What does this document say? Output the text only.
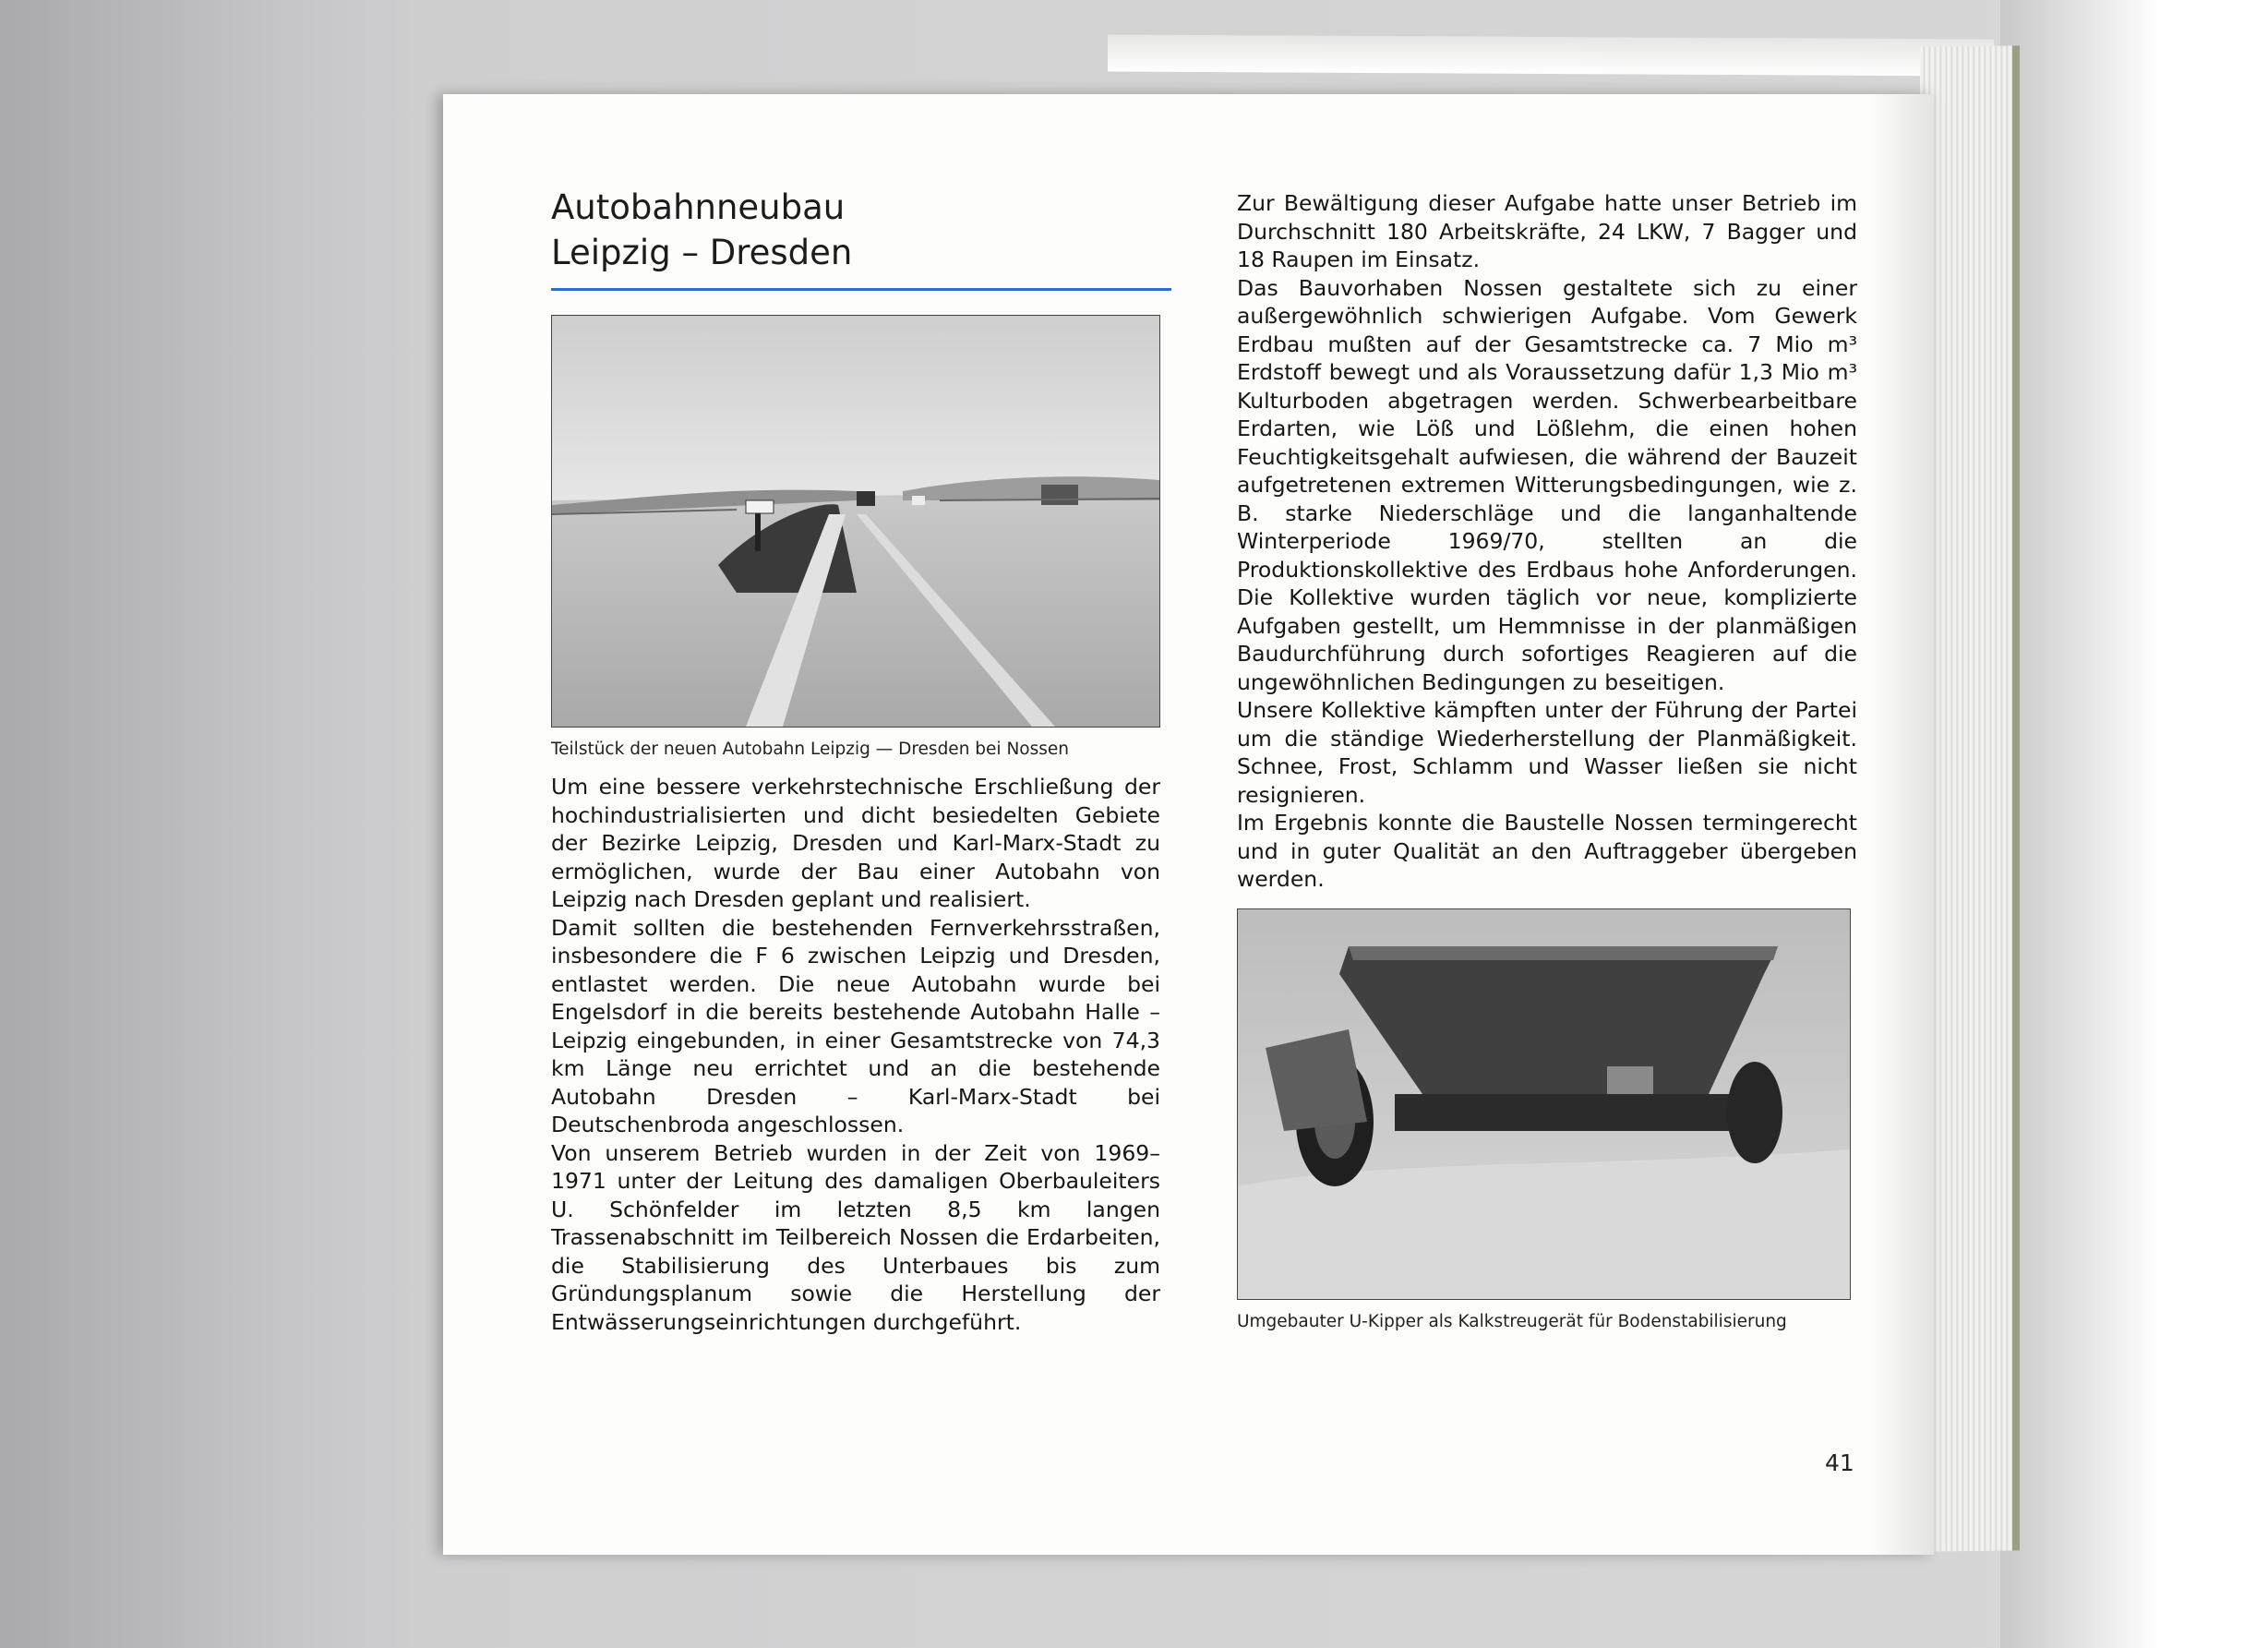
Autobahnneubau
Leipzig – Dresden
Teilstück der neuen Autobahn Leipzig — Dresden bei Nossen

Um eine bessere verkehrstechnische Erschließung der hochindustrialisierten und dicht besiedelten Gebiete der Bezirke Leipzig, Dresden und Karl-Marx-Stadt zu ermöglichen, wurde der Bau einer Autobahn von Leipzig nach Dresden geplant und realisiert.
Damit sollten die bestehenden Fernverkehrsstraßen, insbesondere die F 6 zwischen Leipzig und Dresden, entlastet werden. Die neue Autobahn wurde bei Engelsdorf in die bereits bestehende Autobahn Halle – Leipzig eingebunden, in einer Gesamtstrecke von 74,3 km Länge neu errichtet und an die bestehende Autobahn Dresden – Karl-Marx-Stadt bei Deutschenbroda angeschlossen.
Von unserem Betrieb wurden in der Zeit von 1969–1971 unter der Leitung des damaligen Oberbauleiters U. Schönfelder im letzten 8,5 km langen Trassenabschnitt im Teilbereich Nossen die Erdarbeiten, die Stabilisierung des Unterbaues bis zum Gründungsplanum sowie die Herstellung der Entwässerungseinrichtungen durchgeführt.

Zur Bewältigung dieser Aufgabe hatte unser Betrieb im Durchschnitt 180 Arbeitskräfte, 24 LKW, 7 Bagger und 18 Raupen im Einsatz.
Das Bauvorhaben Nossen gestaltete sich zu einer außergewöhnlich schwierigen Aufgabe. Vom Gewerk Erdbau mußten auf der Gesamtstrecke ca. 7 Mio m³ Erdstoff bewegt und als Voraussetzung dafür 1,3 Mio m³ Kulturboden abgetragen werden. Schwerbearbeitbare Erdarten, wie Löß und Lößlehm, die einen hohen Feuchtigkeitsgehalt aufwiesen, die während der Bauzeit aufgetretenen extremen Witterungsbedingungen, wie z. B. starke Niederschläge und die langanhaltende Winterperiode 1969/70, stellten an die Produktionskollektive des Erdbaus hohe Anforderungen. Die Kollektive wurden täglich vor neue, komplizierte Aufgaben gestellt, um Hemmnisse in der planmäßigen Baudurchführung durch sofortiges Reagieren auf die ungewöhnlichen Bedingungen zu beseitigen.
Unsere Kollektive kämpften unter der Führung der Partei um die ständige Wiederherstellung der Planmäßigkeit. Schnee, Frost, Schlamm und Wasser ließen sie nicht resignieren.
Im Ergebnis konnte die Baustelle Nossen termingerecht und in guter Qualität an den Auftraggeber übergeben werden.

Umgebauter U-Kipper als Kalkstreugerät für Bodenstabilisierung
41
